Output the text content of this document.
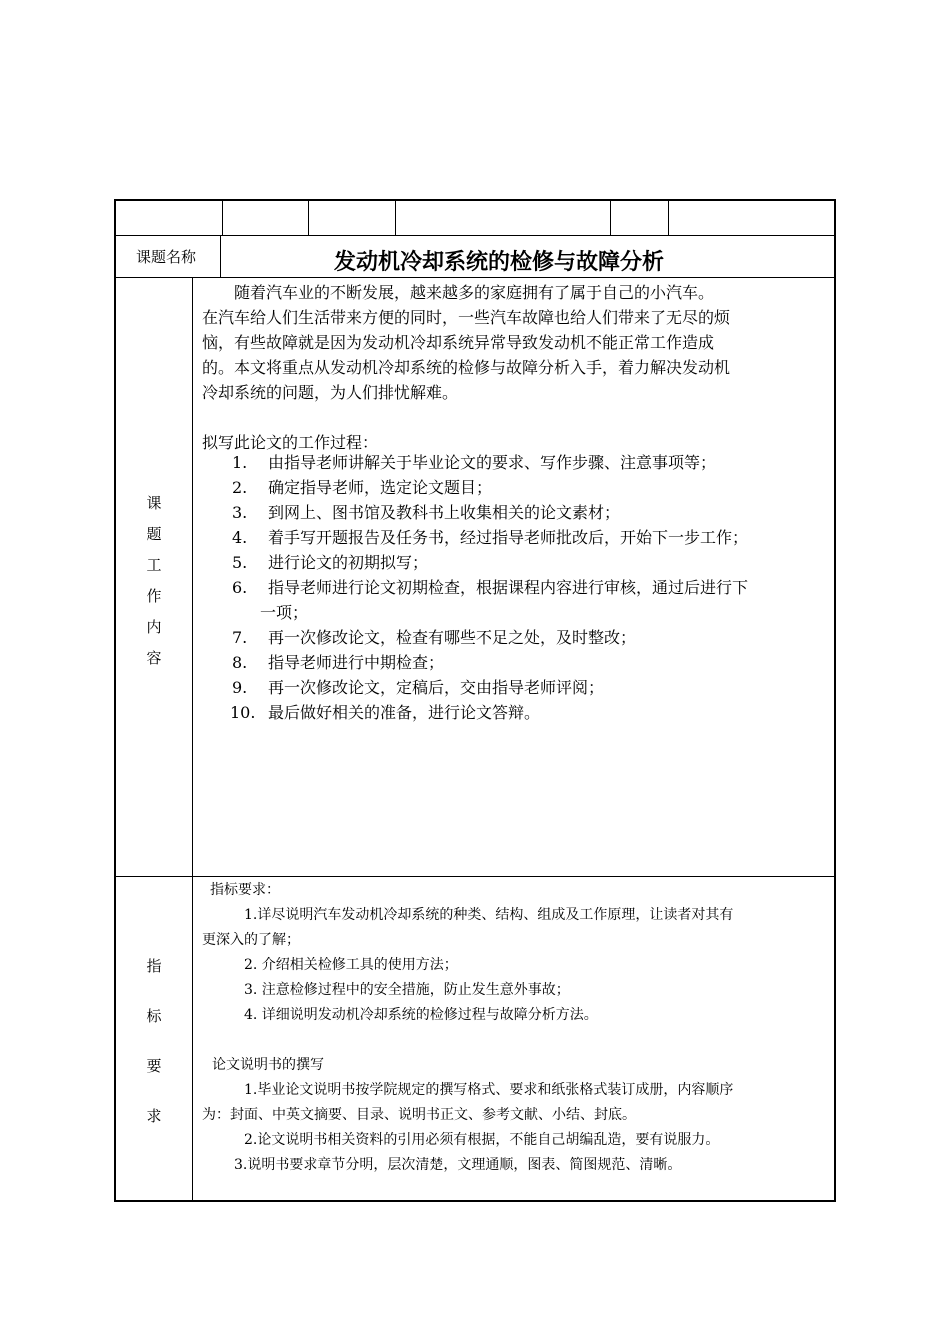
课题名称	发动机冷却系统的检修与故障分析
课
题
工
作
内
容
随着汽车业的不断发展，越来越多的家庭拥有了属于自己的小汽车。
在汽车给人们生活带来方便的同时，一些汽车故障也给人们带来了无尽的烦
恼，有些故障就是因为发动机冷却系统异常导致发动机不能正常工作造成
的。本文将重点从发动机冷却系统的检修与故障分析入手，着力解决发动机
冷却系统的问题，为人们排忧解难。
拟写此论文的工作过程：
1. 由指导老师讲解关于毕业论文的要求、写作步骤、注意事项等；
2. 确定指导老师，选定论文题目；
3. 到网上、图书馆及教科书上收集相关的论文素材；
4. 着手写开题报告及任务书，经过指导老师批改后，开始下一步工作；
5. 进行论文的初期拟写；
6. 指导老师进行论文初期检查，根据课程内容进行审核，通过后进行下
一项；
7. 再一次修改论文，检查有哪些不足之处，及时整改；
8. 指导老师进行中期检查；
9. 再一次修改论文，定稿后，交由指导老师评阅；
10. 最后做好相关的准备，进行论文答辩。
指
标
要
求
指标要求：
1.详尽说明汽车发动机冷却系统的种类、结构、组成及工作原理，让读者对其有
更深入的了解；
2. 介绍相关检修工具的使用方法；
3. 注意检修过程中的安全措施，防止发生意外事故；
4. 详细说明发动机冷却系统的检修过程与故障分析方法。
论文说明书的撰写
1.毕业论文说明书按学院规定的撰写格式、要求和纸张格式装订成册，内容顺序
为：封面、中英文摘要、目录、说明书正文、参考文献、小结、封底。
2.论文说明书相关资料的引用必须有根据，不能自己胡编乱造，要有说服力。
3.说明书要求章节分明，层次清楚，文理通顺，图表、简图规范、清晰。
